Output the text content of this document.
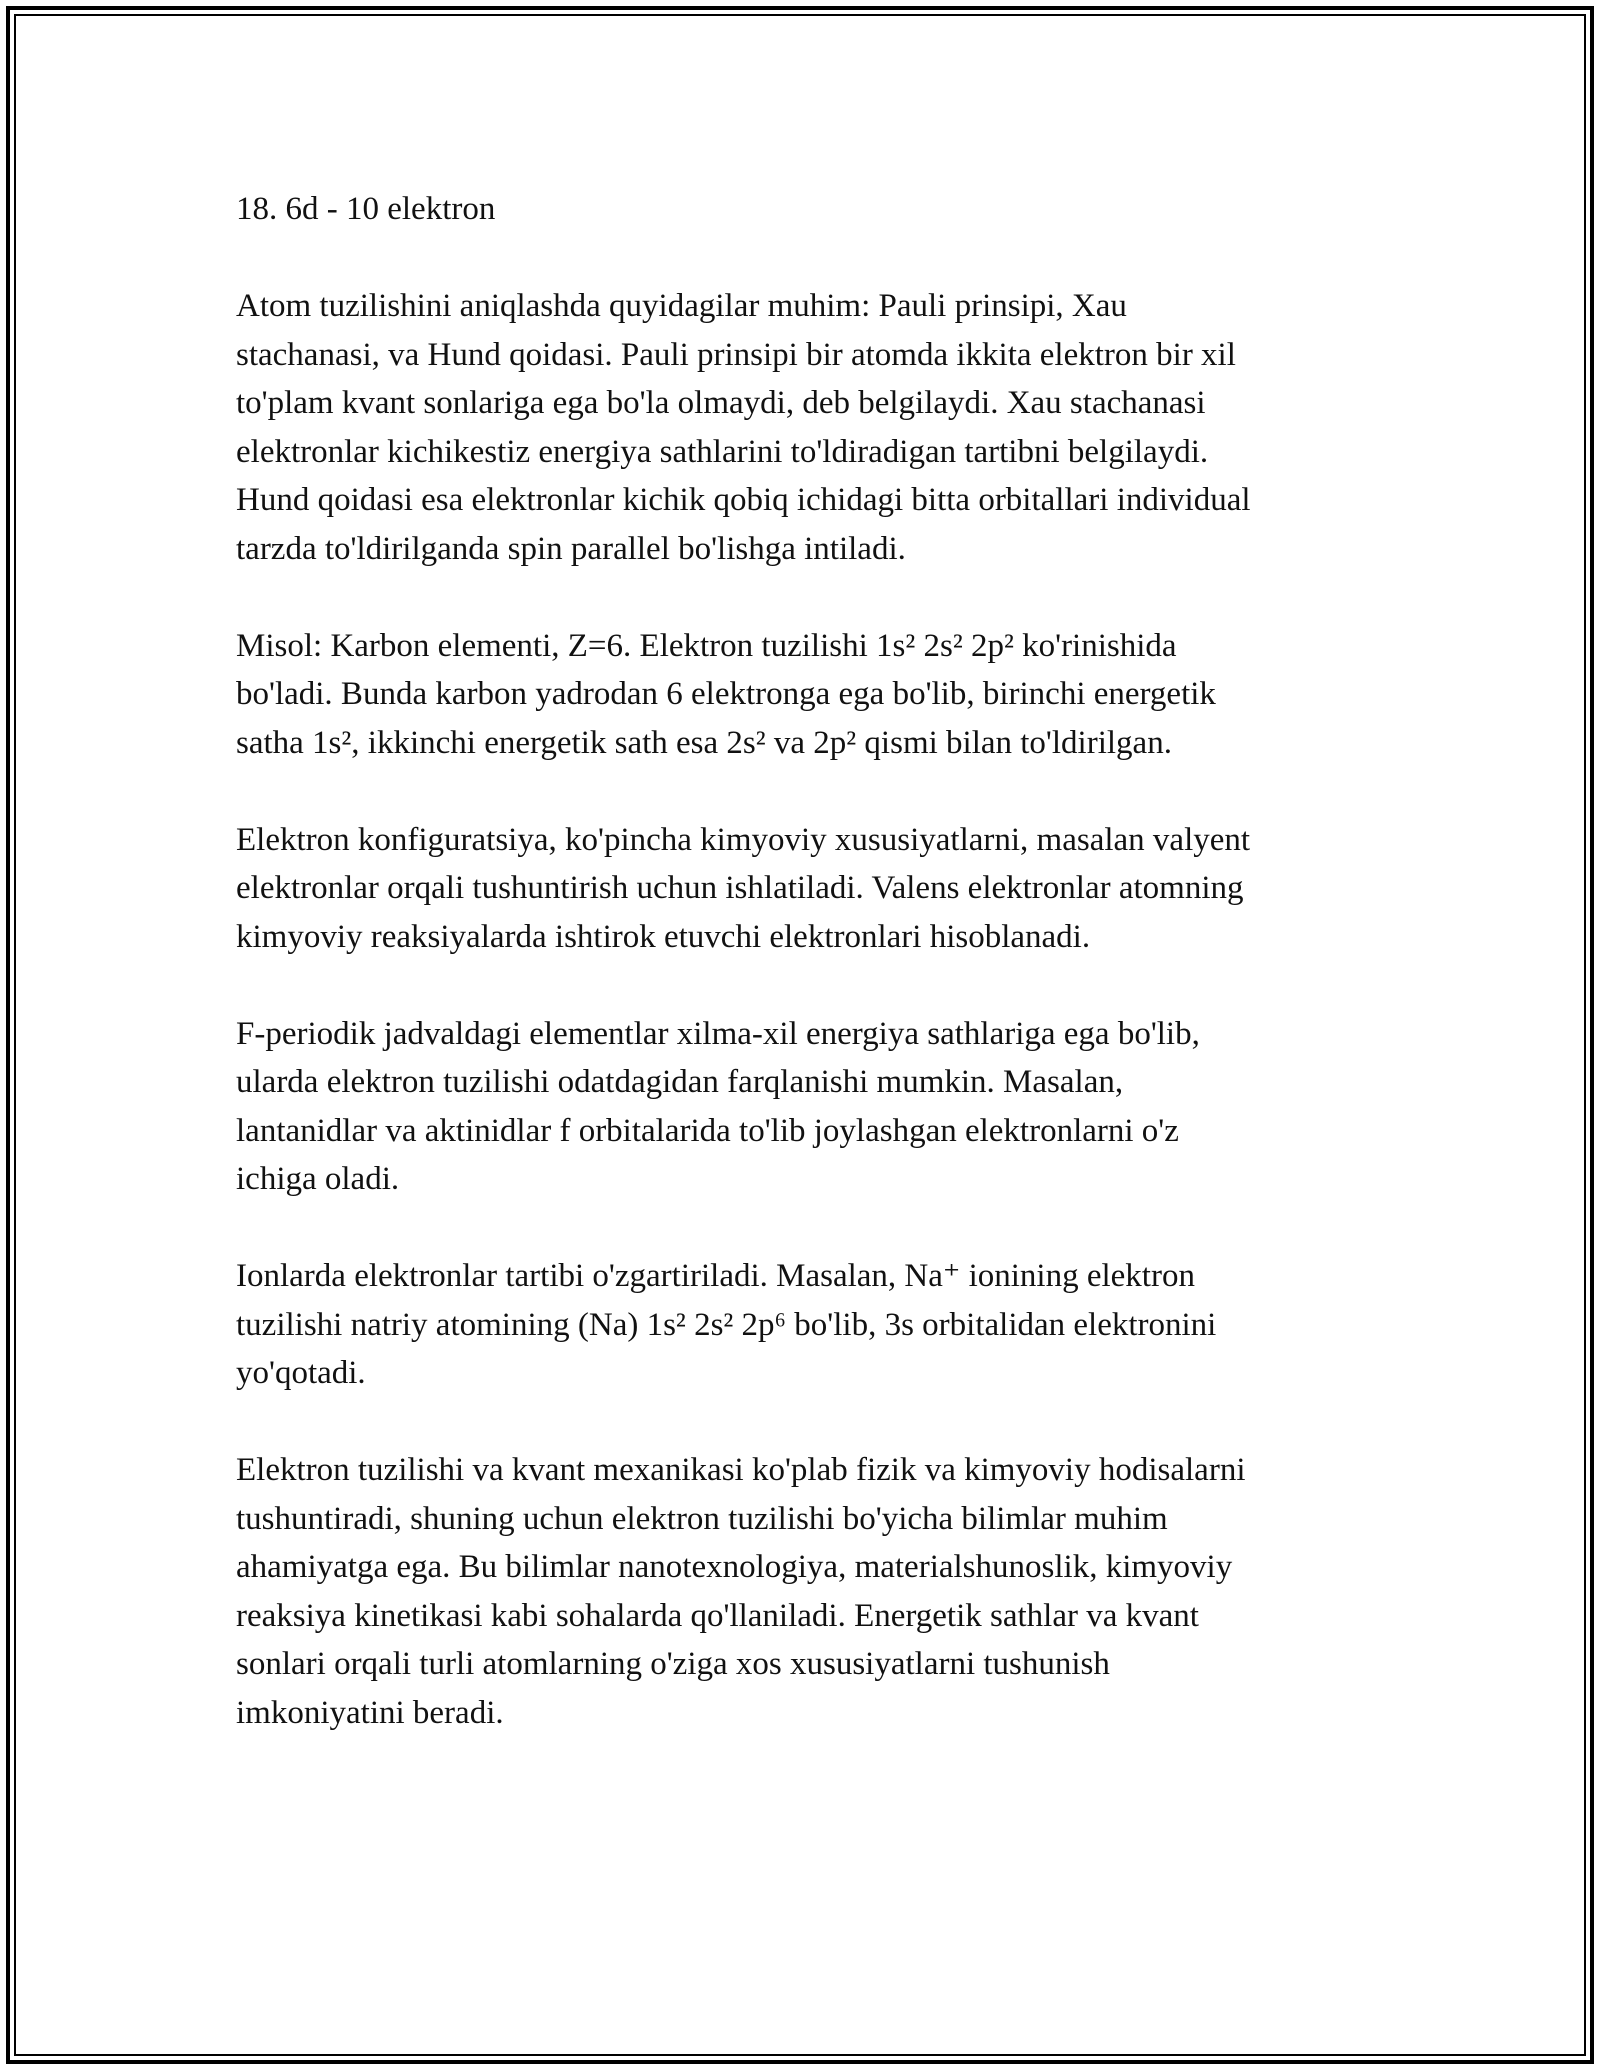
18. 6d - 10 elektron

Atom tuzilishini aniqlashda quyidagilar muhim: Pauli prinsipi, Xau
stachanasi, va Hund qoidasi. Pauli prinsipi bir atomda ikkita elektron bir xil
to'plam kvant sonlariga ega bo'la olmaydi, deb belgilaydi. Xau stachanasi
elektronlar kichikestiz energiya sathlarini to'ldiradigan tartibni belgilaydi.
Hund qoidasi esa elektronlar kichik qobiq ichidagi bitta orbitallari individual
tarzda to'ldirilganda spin parallel bo'lishga intiladi.

Misol: Karbon elementi, Z=6. Elektron tuzilishi 1s² 2s² 2p² ko'rinishida
bo'ladi. Bunda karbon yadrodan 6 elektronga ega bo'lib, birinchi energetik
satha 1s², ikkinchi energetik sath esa 2s² va 2p² qismi bilan to'ldirilgan.

Elektron konfiguratsiya, ko'pincha kimyoviy xususiyatlarni, masalan valyent
elektronlar orqali tushuntirish uchun ishlatiladi. Valens elektronlar atomning
kimyoviy reaksiyalarda ishtirok etuvchi elektronlari hisoblanadi.

F-periodik jadvaldagi elementlar xilma-xil energiya sathlariga ega bo'lib,
ularda elektron tuzilishi odatdagidan farqlanishi mumkin. Masalan,
lantanidlar va aktinidlar f orbitalarida to'lib joylashgan elektronlarni o'z
ichiga oladi.

Ionlarda elektronlar tartibi o'zgartiriladi. Masalan, Na⁺ ionining elektron
tuzilishi natriy atomining (Na) 1s² 2s² 2p⁶ bo'lib, 3s orbitalidan elektronini
yo'qotadi.

Elektron tuzilishi va kvant mexanikasi ko'plab fizik va kimyoviy hodisalarni
tushuntiradi, shuning uchun elektron tuzilishi bo'yicha bilimlar muhim
ahamiyatga ega. Bu bilimlar nanotexnologiya, materialshunoslik, kimyoviy
reaksiya kinetikasi kabi sohalarda qo'llaniladi. Energetik sathlar va kvant
sonlari orqali turli atomlarning o'ziga xos xususiyatlarni tushunish
imkoniyatini beradi.
